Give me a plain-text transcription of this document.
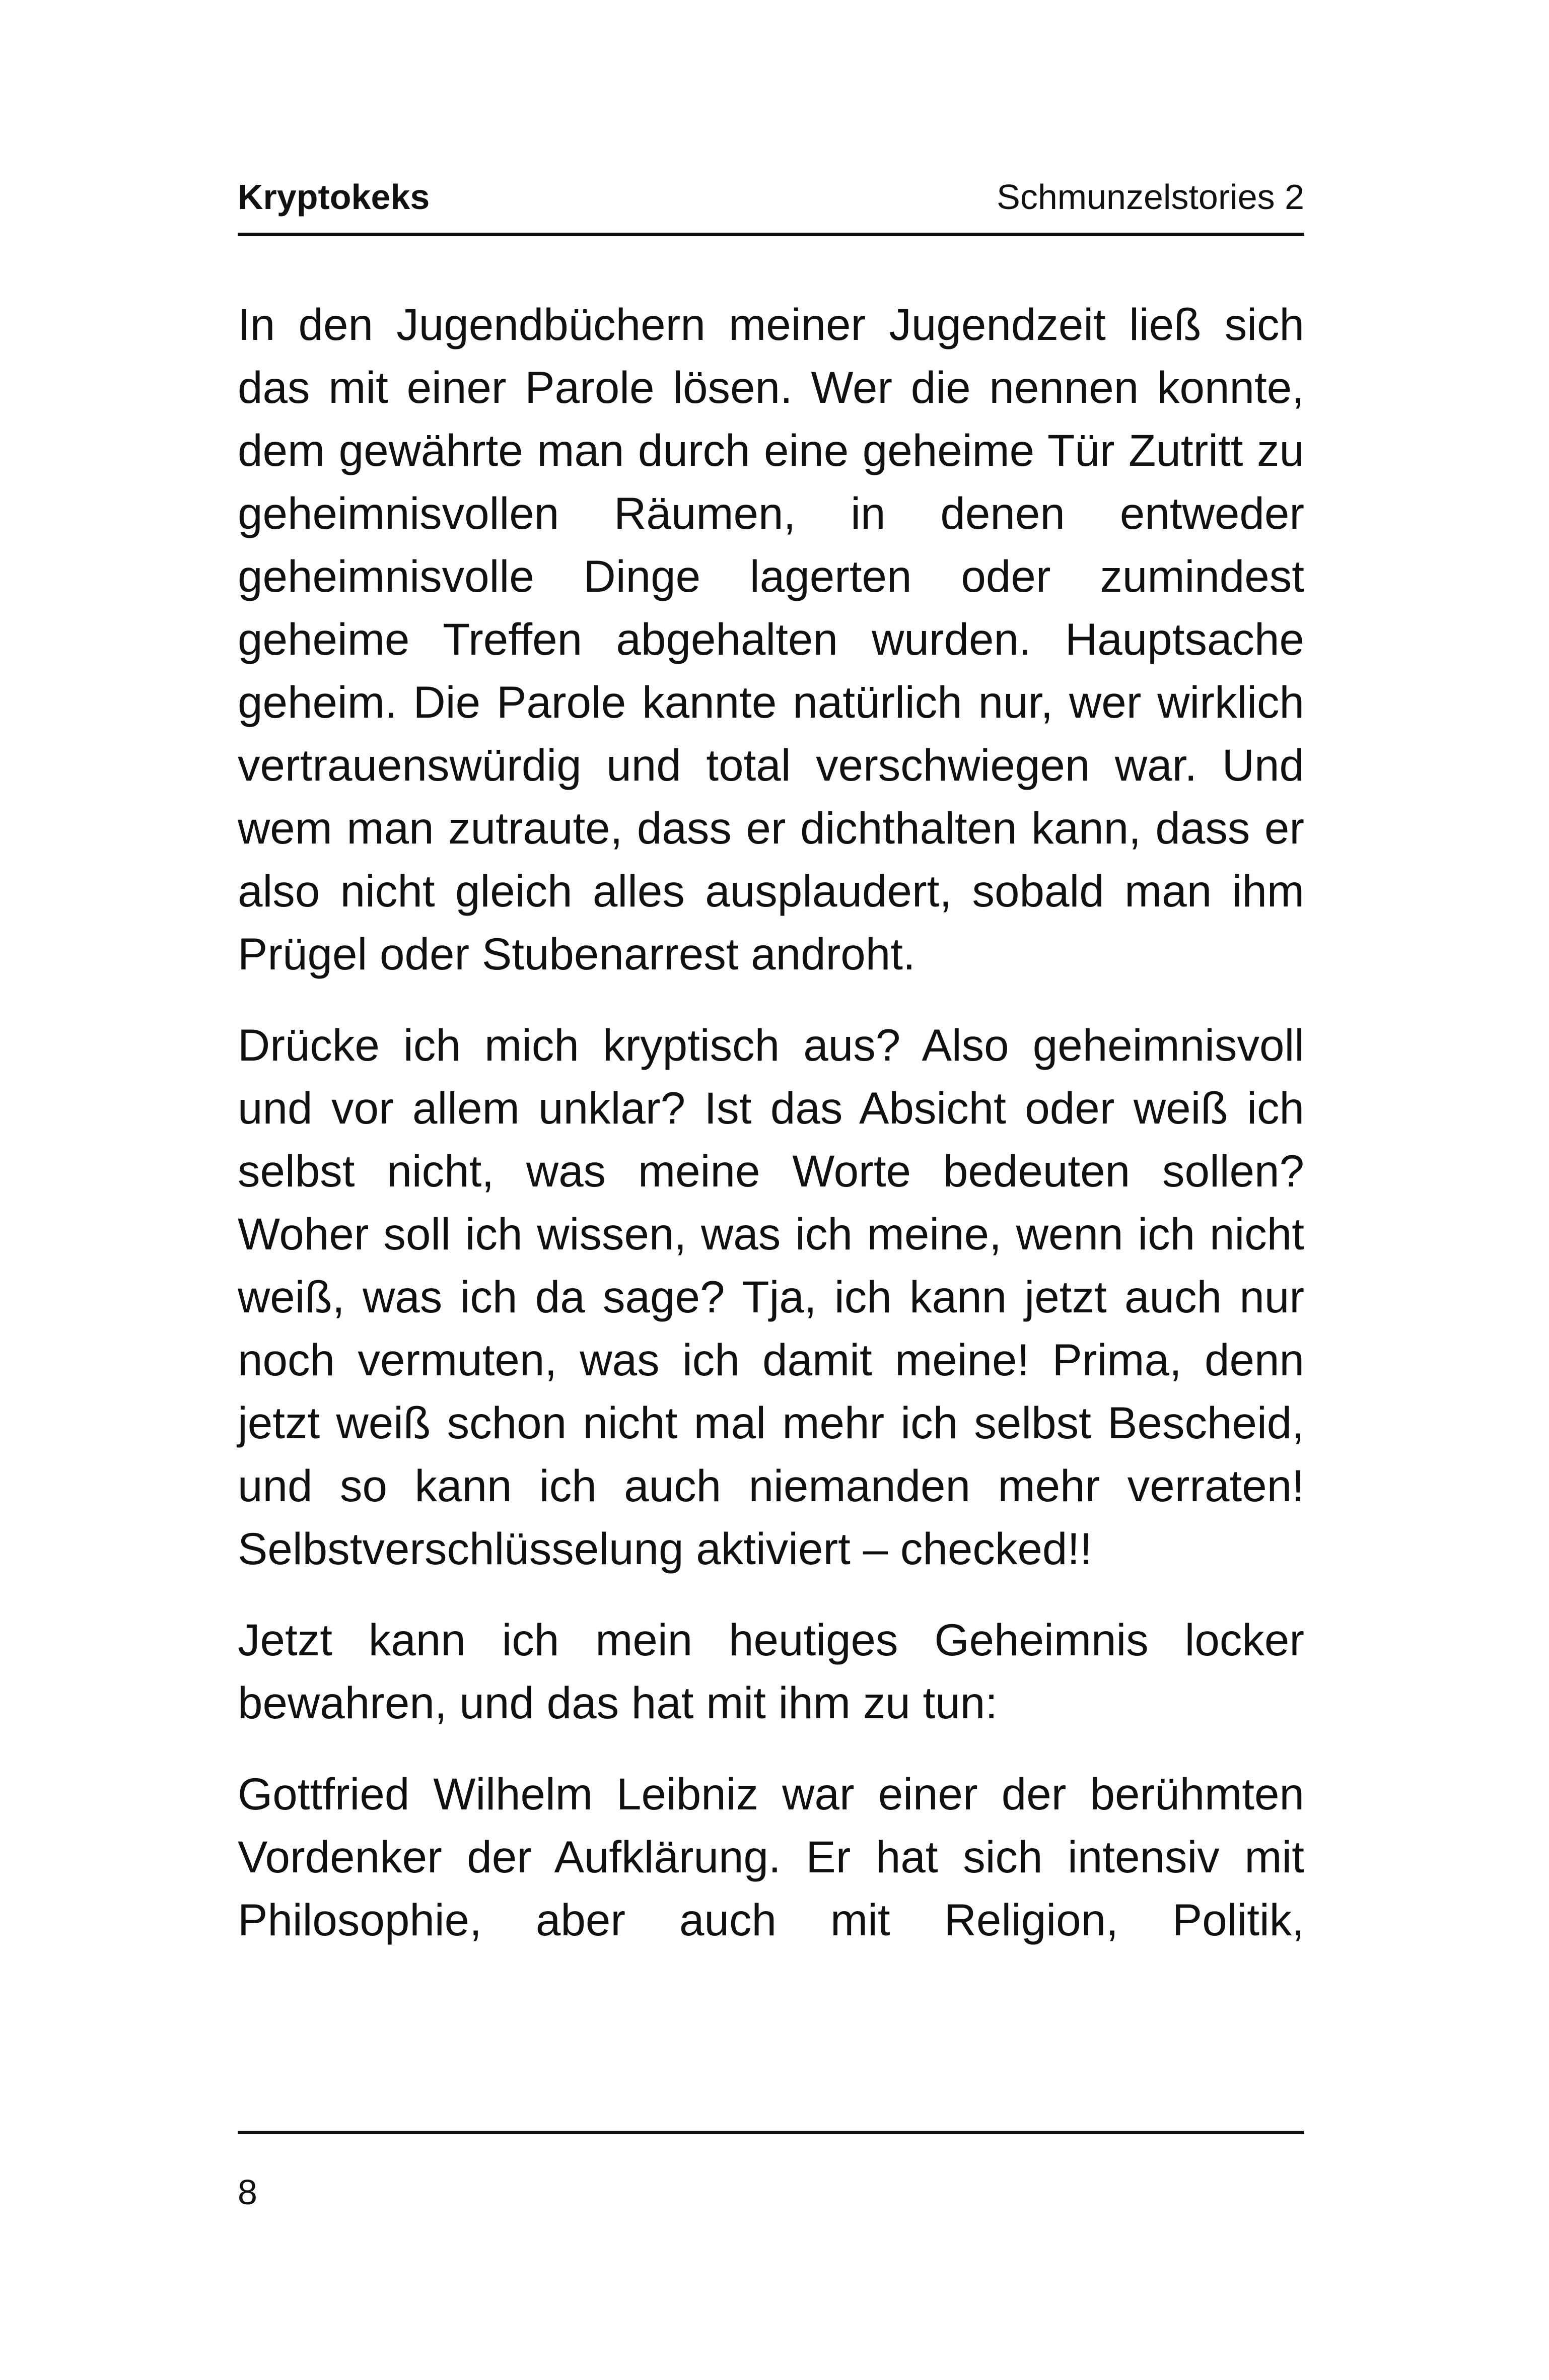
Kryptokeks	Schmunzelstories 2

In den Jugendbüchern meiner Jugendzeit ließ sich das mit einer Parole lösen. Wer die nennen konnte, dem gewährte man durch eine geheime Tür Zutritt zu geheimnisvollen Räumen, in denen entweder geheimnisvolle Dinge lagerten oder zumindest geheime Treffen abgehalten wurden. Hauptsache geheim. Die Parole kannte natürlich nur, wer wirklich vertrauenswürdig und total verschwiegen war. Und wem man zutraute, dass er dichthalten kann, dass er also nicht gleich alles ausplaudert, sobald man ihm Prügel oder Stubenarrest androht.

Drücke ich mich kryptisch aus? Also geheimnisvoll und vor allem unklar? Ist das Absicht oder weiß ich selbst nicht, was meine Worte bedeuten sollen? Woher soll ich wissen, was ich meine, wenn ich nicht weiß, was ich da sage? Tja, ich kann jetzt auch nur noch vermuten, was ich damit meine! Prima, denn jetzt weiß schon nicht mal mehr ich selbst Bescheid, und so kann ich auch niemanden mehr verraten! Selbstverschlüsselung aktiviert – checked!!

Jetzt kann ich mein heutiges Geheimnis locker bewahren, und das hat mit ihm zu tun:

Gottfried Wilhelm Leibniz war einer der berühmten Vordenker der Aufklärung. Er hat sich intensiv mit Philosophie, aber auch mit Religion, Politik,

8
